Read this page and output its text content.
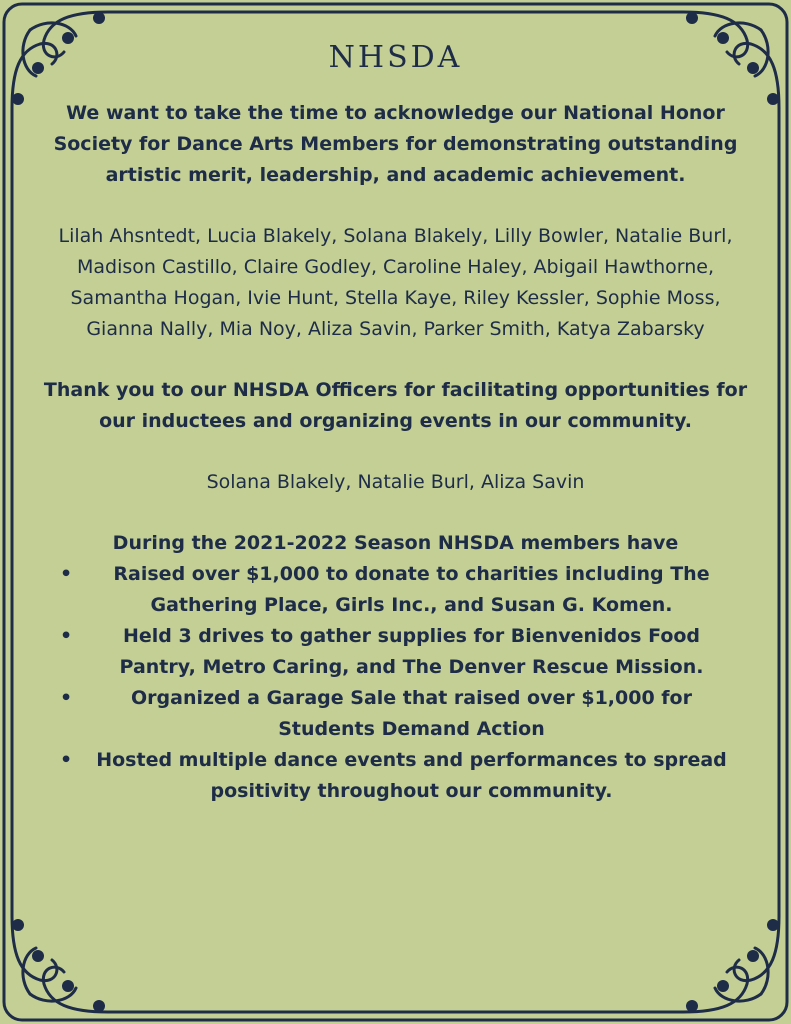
NHSDA

We want to take the time to acknowledge our National Honor Society for Dance Arts Members for demonstrating outstanding artistic merit, leadership, and academic achievement.

Lilah Ahsntedt, Lucia Blakely, Solana Blakely, Lilly Bowler, Natalie Burl, Madison Castillo, Claire Godley, Caroline Haley, Abigail Hawthorne, Samantha Hogan, Ivie Hunt, Stella Kaye, Riley Kessler, Sophie Moss, Gianna Nally, Mia Noy, Aliza Savin, Parker Smith, Katya Zabarsky

Thank you to our NHSDA Officers for facilitating opportunities for our inductees and organizing events in our community.

Solana Blakely, Natalie Burl, Aliza Savin

During the 2021-2022 Season NHSDA members have

• Raised over $1,000 to donate to charities including The Gathering Place, Girls Inc., and Susan G. Komen.
•	Held 3 drives to gather supplies for Bienvenidos Food Pantry, Metro Caring, and The Denver Rescue Mission.
•	Organized a Garage Sale that raised over $1,000 for Students Demand Action
• Hosted multiple dance events and performances to spread positivity throughout our community.
